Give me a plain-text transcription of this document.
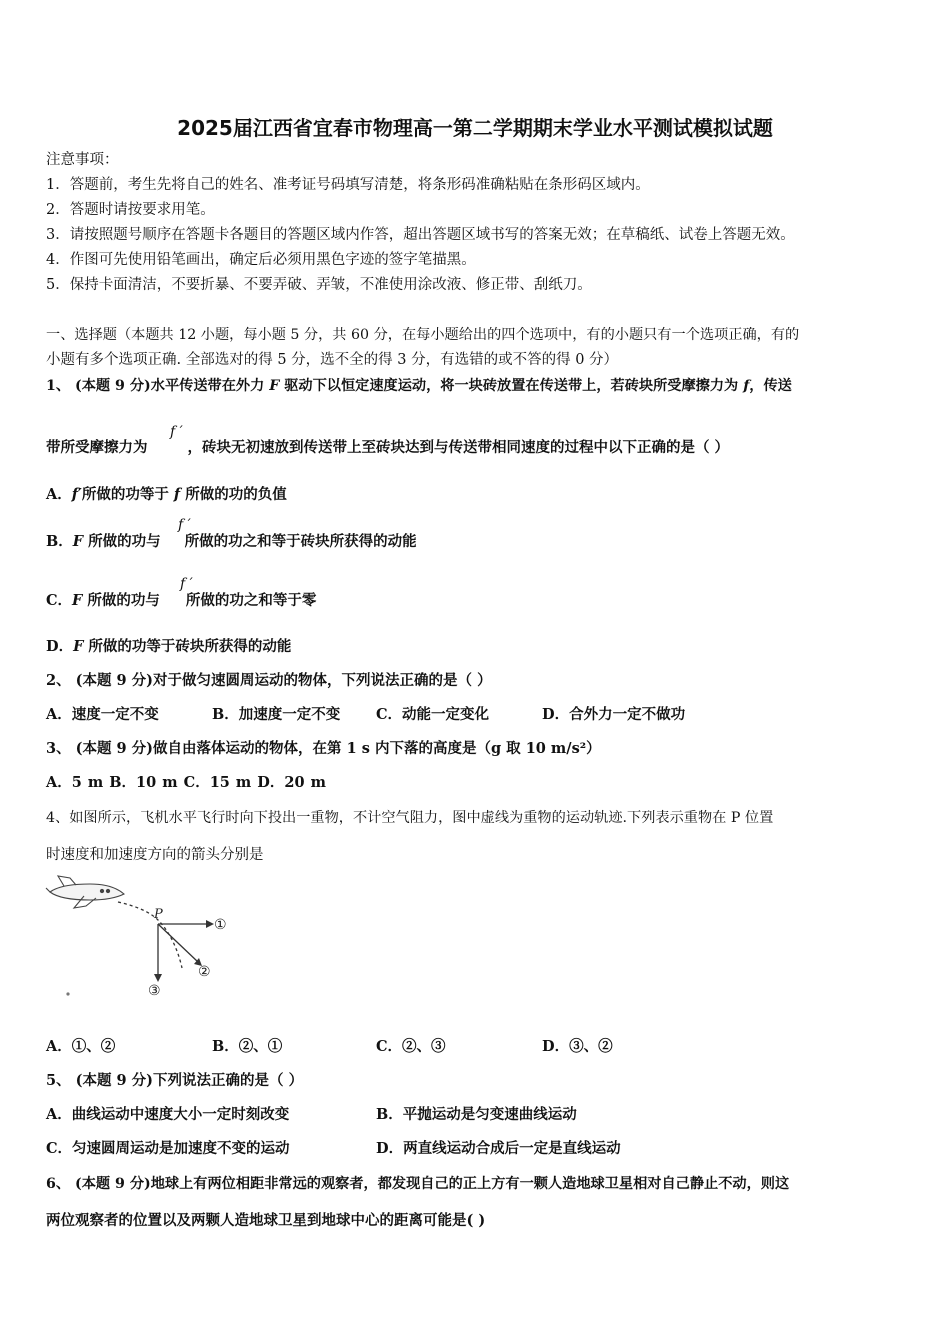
2025届江西省宜春市物理高一第二学期期末学业水平测试模拟试题
注意事项：
1．答题前，考生先将自己的姓名、准考证号码填写清楚，将条形码准确粘贴在条形码区域内。
2．答题时请按要求用笔。
3．请按照题号顺序在答题卡各题目的答题区域内作答，超出答题区域书写的答案无效；在草稿纸、试卷上答题无效。
4．作图可先使用铅笔画出，确定后必须用黑色字迹的签字笔描黑。
5．保持卡面清洁，不要折暴、不要弄破、弄皱，不准使用涂改液、修正带、刮纸刀。
一、选择题（本题共 12 小题，每小题 5 分，共 60 分，在每小题给出的四个选项中，有的小题只有一个选项正确，有的
小题有多个选项正确. 全部选对的得 5 分，选不全的得 3 分，有选错的或不答的得 0 分）
1、 (本题 9 分)水平传送带在外力 F 驱动下以恒定速度运动，将一块砖放置在传送带上，若砖块所受摩擦力为 f，传送
带所受摩擦力为	，砖块无初速放到传送带上至砖块达到与传送带相同速度的过程中以下正确的是（ ）
f ′
A．f′所做的功等于 f 所做的功的负值
B．F 所做的功与 所做的功之和等于砖块所获得的动能
f ′
C．F 所做的功与 所做的功之和等于零
f ′
D．F 所做的功等于砖块所获得的动能
2、 (本题 9 分)对于做匀速圆周运动的物体，下列说法正确的是（ ）
A．速度一定不变	B．加速度一定不变 C．动能一定变化	D．合外力一定不做功
3、 (本题 9 分)做自由落体运动的物体，在第 1 s 内下落的高度是（g 取 10 m/s²）
A．5 m B．10 m C．15 m D．20 m
4、如图所示，飞机水平飞行时向下投出一重物，不计空气阻力，图中虚线为重物的运动轨迹.下列表示重物在 P 位置
时速度和加速度方向的箭头分别是
P
①
②
③
A．①、②	B．②、①	C．②、③	D．③、②
5、 (本题 9 分)下列说法正确的是（ ）
A．曲线运动中速度大小一定时刻改变	B．平抛运动是匀变速曲线运动
C．匀速圆周运动是加速度不变的运动	D．两直线运动合成后一定是直线运动
6、 (本题 9 分)地球上有两位相距非常远的观察者，都发现自己的正上方有一颗人造地球卫星相对自己静止不动，则这
两位观察者的位置以及两颗人造地球卫星到地球中心的距离可能是( )
